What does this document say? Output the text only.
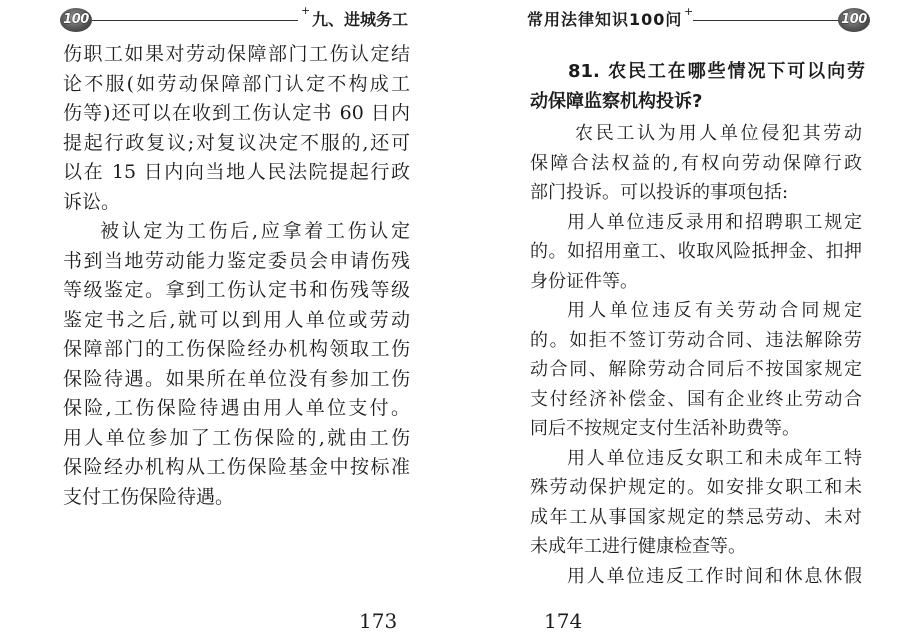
100
+ 九、进城务工
伤职工如果对劳动保障部门工伤认定结
论不服(如劳动保障部门认定不构成工
伤等)还可以在收到工伤认定书 60 日内
提起行政复议;对复议决定不服的,还可
以在 15 日内向当地人民法院提起行政
诉讼。
被认定为工伤后,应拿着工伤认定
书到当地劳动能力鉴定委员会申请伤残
等级鉴定。拿到工伤认定书和伤残等级
鉴定书之后,就可以到用人单位或劳动
保障部门的工伤保险经办机构领取工伤
保险待遇。如果所在单位没有参加工伤
保险,工伤保险待遇由用人单位支付。
用人单位参加了工伤保险的,就由工伤
保险经办机构从工伤保险基金中按标准
支付工伤保险待遇。
173
常用法律知识100问 +
100
81. 农民工在哪些情况下可以向劳
动保障监察机构投诉?
农民工认为用人单位侵犯其劳动
保障合法权益的,有权向劳动保障行政
部门投诉。可以投诉的事项包括:
用人单位违反录用和招聘职工规定
的。如招用童工、收取风险抵押金、扣押
身份证件等。
用人单位违反有关劳动合同规定
的。如拒不签订劳动合同、违法解除劳
动合同、解除劳动合同后不按国家规定
支付经济补偿金、国有企业终止劳动合
同后不按规定支付生活补助费等。
用人单位违反女职工和未成年工特
殊劳动保护规定的。如安排女职工和未
成年工从事国家规定的禁忌劳动、未对
未成年工进行健康检查等。
用人单位违反工作时间和休息休假
174
